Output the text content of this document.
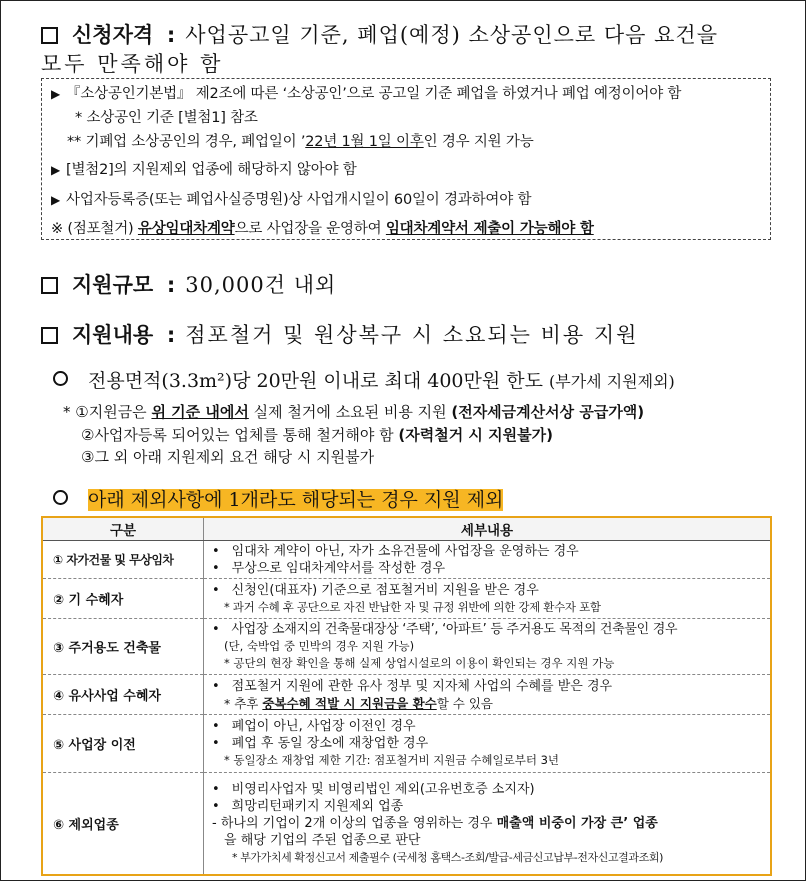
신청자격 : 사업공고일 기준, 폐업(예정) 소상공인으로 다음 요건을
모두 만족해야 함
▶ 『소상공인기본법』 제2조에 따른 ‘소상공인’으로 공고일 기준 폐업을 하였거나 폐업 예정이어야 함
* 소상공인 기준 [별첨1] 참조
** 기폐업 소상공인의 경우, 폐업일이 ’22년 1월 1일 이후인 경우 지원 가능
▶ [별첨2]의 지원제외 업종에 해당하지 않아야 함
▶ 사업자등록증(또는 폐업사실증명원)상 사업개시일이 60일이 경과하여야 함
※ (점포철거) 유상임대차계약으로 사업장을 운영하여 임대차계약서 제출이 가능해야 함
지원규모 : 30,000건 내외
지원내용 : 점포철거 및 원상복구 시 소요되는 비용 지원
전용면적(3.3m²)당 20만원 이내로 최대 400만원 한도 (부가세 지원제외)
* ①지원금은 위 기준 내에서 실제 철거에 소요된 비용 지원 (전자세금계산서상 공급가액)
②사업자등록 되어있는 업체를 통해 철거해야 함 (자력철거 시 지원불가)
③그 외 아래 지원제외 요건 해당 시 지원불가
아래 제외사항에 1개라도 해당되는 경우 지원 제외
구분	세부내용
① 자가건물 및 무상임차	• 임대차 계약이 아닌, 자가 소유건물에 사업장을 운영하는 경우
• 무상으로 임대차계약서를 작성한 경우

② 기 수혜자	• 신청인(대표자) 기준으로 점포철거비 지원을 받은 경우
* 과거 수혜 후 공단으로 자진 반납한 자 및 규정 위반에 의한 강제 환수자 포함

③ 주거용도 건축물	• 사업장 소재지의 건축물대장상 ‘주택’, ‘아파트’ 등 주거용도 목적의 건축물인 경우
(단, 숙박업 중 민박의 경우 지원 가능)
* 공단의 현장 확인을 통해 실제 상업시설로의 이용이 확인되는 경우 지원 가능

④ 유사사업 수혜자	• 점포철거 지원에 관한 유사 정부 및 지자체 사업의 수혜를 받은 경우
* 추후 중복수혜 적발 시 지원금을 환수할 수 있음

⑤ 사업장 이전	• 폐업이 아닌, 사업장 이전인 경우
• 폐업 후 동일 장소에 재창업한 경우
* 동일장소 재창업 제한 기간: 점포철거비 지원금 수혜일로부터 3년

⑥ 제외업종	• 비영리사업자 및 비영리법인 제외(고유번호증 소지자)
• 희망리턴패키지 지원제외 업종
- 하나의 기업이 2개 이상의 업종을 영위하는 경우 매출액 비중이 가장 큰’ 업종
을 해당 기업의 주된 업종으로 판단
* 부가가치세 확정신고서 제출필수 (국세청 홈택스-조회/발급-세금신고납부-전자신고결과조회)
